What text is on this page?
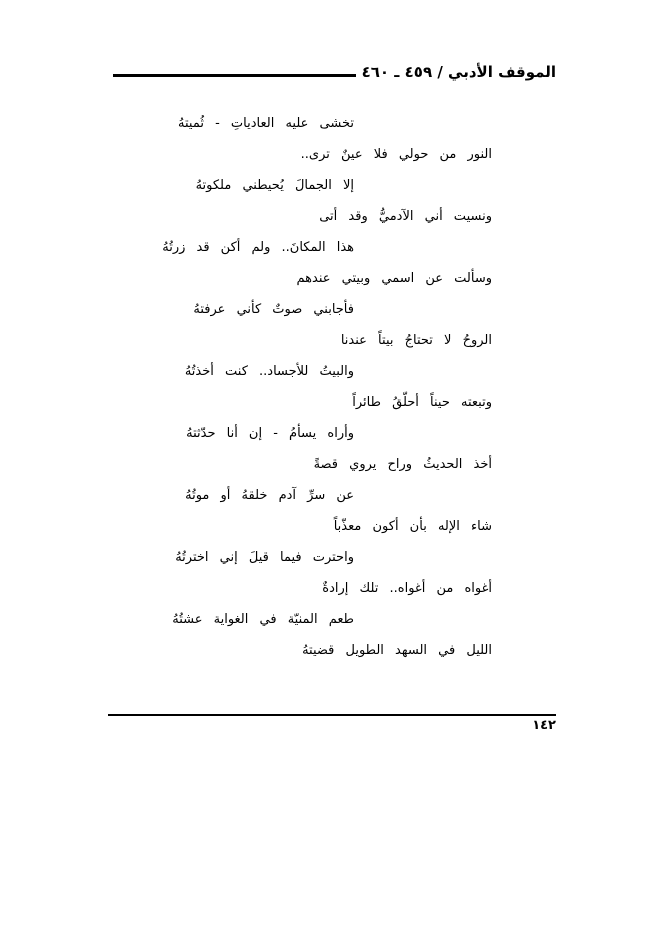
الموقف الأدبي / ٤٥٩ ـ ٤٦٠
تخشى عليه العادياتِ - ثُميتهُ
النور من حولي فلا عينٌ ترى..
إلا الجمالَ يُحيطني ملكوتهُ
ونسيت أني الآدميُّ وقد أتى
هذا المكانَ.. ولم أكن قد زرتُهُ
وسألت عن اسمي وبيتي عندهم
فأجابني صوتٌ كأني عرفتهُ
الروحُ لا تحتاجُ بيتاً عندنا
والبيتُ للأجساد.. كنت أخذتُهُ
وتبعته حيناً أحلّقُ طائراً
وأراه يسأمُ - إن أنا حدّثتهُ
أخذ الحديثُ وراح يروي قصةً
عن سرِّ آدم خلقهُ أو موتُهُ
شاء الإله بأن أكون معذّباً
واحترت فيما قيلَ إني اخترتُهُ
أغواه من أغواه.. تلك إرادةٌ
طعم المنيّة في الغواية عشتُهُ
الليل في السهد الطويل قضيتهُ
١٤٢
